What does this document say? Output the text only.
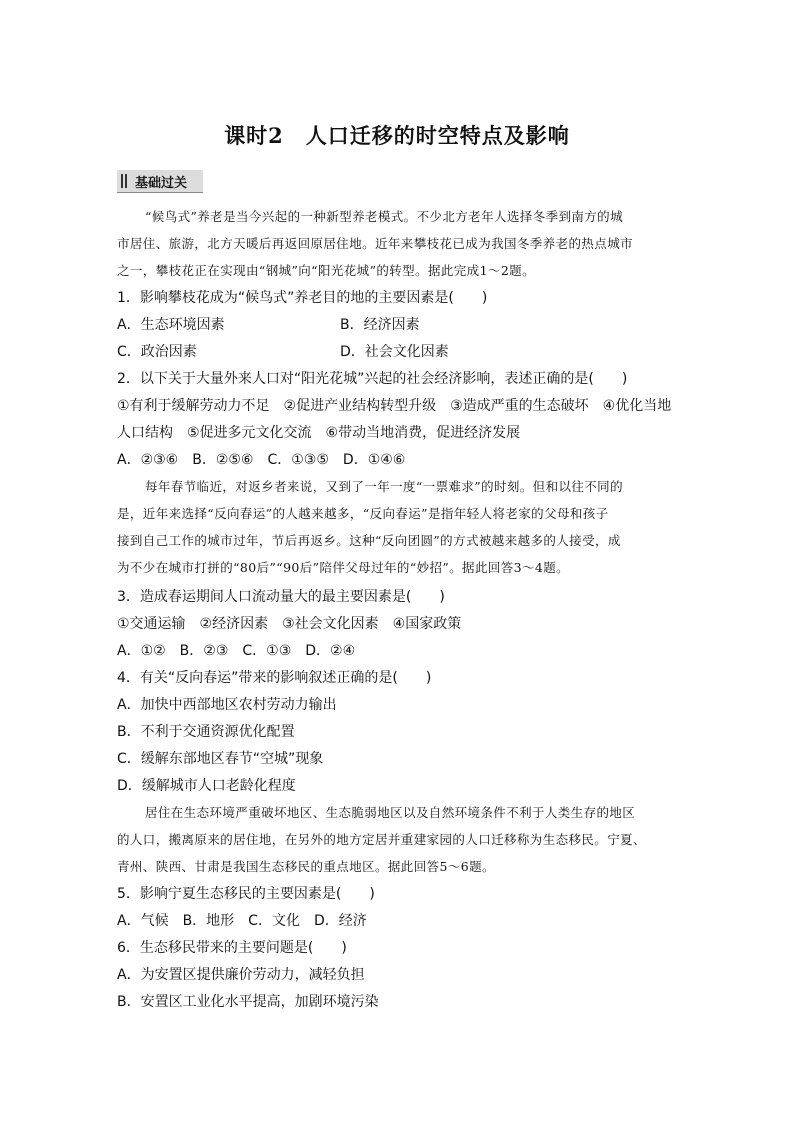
课时2　人口迁移的时空特点及影响
基础过关
“候鸟式”养老是当今兴起的一种新型养老模式。不少北方老年人选择冬季到南方的城
市居住、旅游，北方天暖后再返回原居住地。近年来攀枝花已成为我国冬季养老的热点城市
之一，攀枝花正在实现由“钢城”向“阳光花城”的转型。据此完成1～2题。
1．影响攀枝花成为“候鸟式”养老目的地的主要因素是(　　)
A．生态环境因素	B．经济因素
C．政治因素	D．社会文化因素
2．以下关于大量外来人口对“阳光花城”兴起的社会经济影响，表述正确的是(　　)
①有利于缓解劳动力不足　②促进产业结构转型升级　③造成严重的生态破坏　④优化当地
人口结构　⑤促进多元文化交流　⑥带动当地消费，促进经济发展
A．②③⑥　B．②⑤⑥　C．①③⑤　D．①④⑥
每年春节临近，对返乡者来说，又到了一年一度“一票难求”的时刻。但和以往不同的
是，近年来选择“反向春运”的人越来越多，“反向春运”是指年轻人将老家的父母和孩子
接到自己工作的城市过年，节后再返乡。这种“反向团圆”的方式被越来越多的人接受，成
为不少在城市打拼的“80后”“90后”陪伴父母过年的“妙招”。据此回答3～4题。
3．造成春运期间人口流动量大的最主要因素是(　　)
①交通运输　②经济因素　③社会文化因素　④国家政策
A．①②　B．②③　C．①③　D．②④
4．有关“反向春运”带来的影响叙述正确的是(　　)
A．加快中西部地区农村劳动力输出
B．不利于交通资源优化配置
C．缓解东部地区春节“空城”现象
D．缓解城市人口老龄化程度
居住在生态环境严重破坏地区、生态脆弱地区以及自然环境条件不利于人类生存的地区
的人口，搬离原来的居住地，在另外的地方定居并重建家园的人口迁移称为生态移民。宁夏、
青州、陕西、甘肃是我国生态移民的重点地区。据此回答5～6题。
5．影响宁夏生态移民的主要因素是(　　)
A．气候　B．地形　C．文化　D．经济
6．生态移民带来的主要问题是(　　)
A．为安置区提供廉价劳动力，减轻负担
B．安置区工业化水平提高，加剧环境污染
